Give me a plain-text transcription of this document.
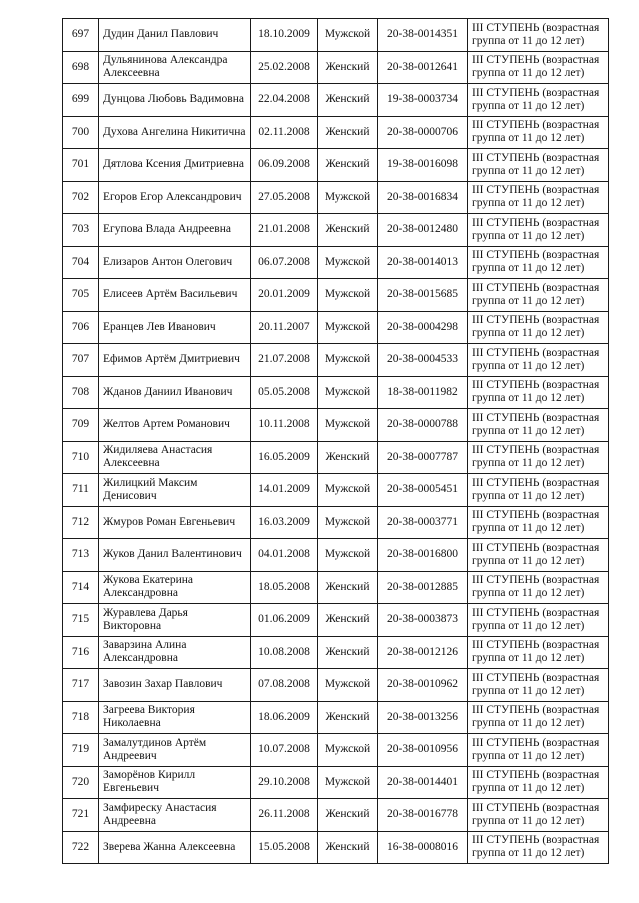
697	Дудин Данил Павлович	18.10.2009	Мужской	20-38-0014351	III СТУПЕНЬ (возрастная группа от 11 до 12 лет)
698	Дульянинова Александра Алексеевна	25.02.2008	Женский	20-38-0012641	III СТУПЕНЬ (возрастная группа от 11 до 12 лет)
699	Дунцова Любовь Вадимовна	22.04.2008	Женский	19-38-0003734	III СТУПЕНЬ (возрастная группа от 11 до 12 лет)
700	Духова Ангелина Никитична	02.11.2008	Женский	20-38-0000706	III СТУПЕНЬ (возрастная группа от 11 до 12 лет)
701	Дятлова Ксения Дмитриевна	06.09.2008	Женский	19-38-0016098	III СТУПЕНЬ (возрастная группа от 11 до 12 лет)
702	Егоров Егор Александрович	27.05.2008	Мужской	20-38-0016834	III СТУПЕНЬ (возрастная группа от 11 до 12 лет)
703	Егупова Влада Андреевна	21.01.2008	Женский	20-38-0012480	III СТУПЕНЬ (возрастная группа от 11 до 12 лет)
704	Елизаров Антон Олегович	06.07.2008	Мужской	20-38-0014013	III СТУПЕНЬ (возрастная группа от 11 до 12 лет)
705	Елисеев Артём Васильевич	20.01.2009	Мужской	20-38-0015685	III СТУПЕНЬ (возрастная группа от 11 до 12 лет)
706	Еранцев Лев Иванович	20.11.2007	Мужской	20-38-0004298	III СТУПЕНЬ (возрастная группа от 11 до 12 лет)
707	Ефимов Артём Дмитриевич	21.07.2008	Мужской	20-38-0004533	III СТУПЕНЬ (возрастная группа от 11 до 12 лет)
708	Жданов Даниил Иванович	05.05.2008	Мужской	18-38-0011982	III СТУПЕНЬ (возрастная группа от 11 до 12 лет)
709	Желтов Артем Романович	10.11.2008	Мужской	20-38-0000788	III СТУПЕНЬ (возрастная группа от 11 до 12 лет)
710	Жидиляева Анастасия Алексеевна	16.05.2009	Женский	20-38-0007787	III СТУПЕНЬ (возрастная группа от 11 до 12 лет)
711	Жилицкий Максим Денисович	14.01.2009	Мужской	20-38-0005451	III СТУПЕНЬ (возрастная группа от 11 до 12 лет)
712	Жмуров Роман Евгеньевич	16.03.2009	Мужской	20-38-0003771	III СТУПЕНЬ (возрастная группа от 11 до 12 лет)
713	Жуков Данил Валентинович	04.01.2008	Мужской	20-38-0016800	III СТУПЕНЬ (возрастная группа от 11 до 12 лет)
714	Жукова Екатерина Александровна	18.05.2008	Женский	20-38-0012885	III СТУПЕНЬ (возрастная группа от 11 до 12 лет)
715	Журавлева Дарья Викторовна	01.06.2009	Женский	20-38-0003873	III СТУПЕНЬ (возрастная группа от 11 до 12 лет)
716	Заварзина Алина Александровна	10.08.2008	Женский	20-38-0012126	III СТУПЕНЬ (возрастная группа от 11 до 12 лет)
717	Завозин Захар Павлович	07.08.2008	Мужской	20-38-0010962	III СТУПЕНЬ (возрастная группа от 11 до 12 лет)
718	Загреева Виктория Николаевна	18.06.2009	Женский	20-38-0013256	III СТУПЕНЬ (возрастная группа от 11 до 12 лет)
719	Замалутдинов Артём Андреевич	10.07.2008	Мужской	20-38-0010956	III СТУПЕНЬ (возрастная группа от 11 до 12 лет)
720	Заморёнов Кирилл Евгеньевич	29.10.2008	Мужской	20-38-0014401	III СТУПЕНЬ (возрастная группа от 11 до 12 лет)
721	Замфиреску Анастасия Андреевна	26.11.2008	Женский	20-38-0016778	III СТУПЕНЬ (возрастная группа от 11 до 12 лет)
722	Зверева Жанна Алексеевна	15.05.2008	Женский	16-38-0008016	III СТУПЕНЬ (возрастная группа от 11 до 12 лет)
